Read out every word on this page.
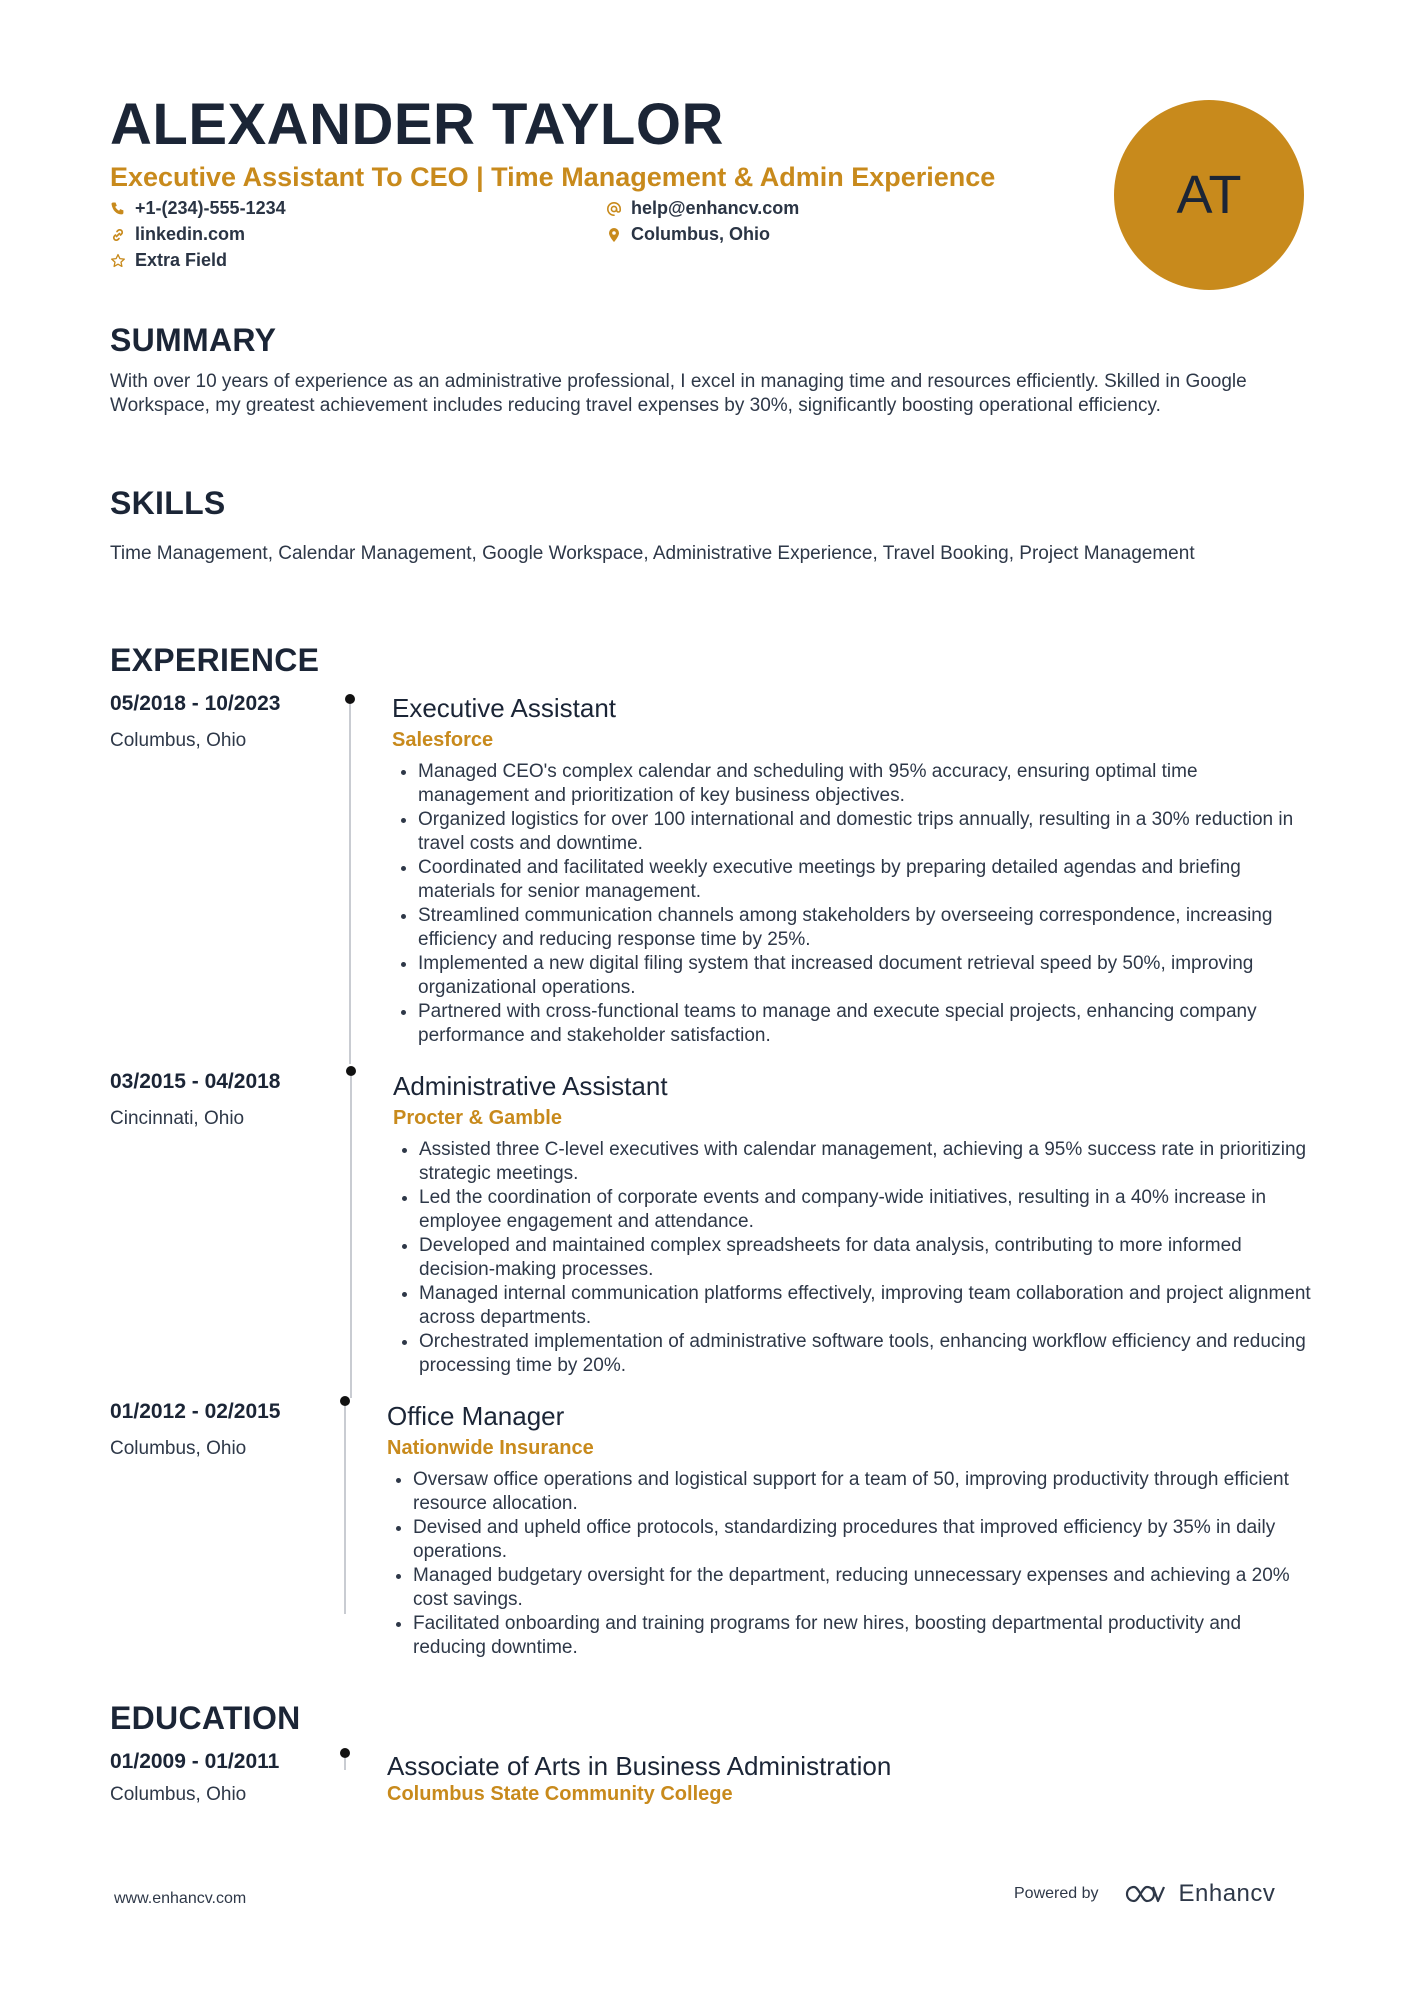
ALEXANDER TAYLOR
Executive Assistant To CEO | Time Management & Admin Experience
+1-(234)-555-1234
linkedin.com
Extra Field
help@enhancv.com
Columbus, Ohio
AT
SUMMARY
With over 10 years of experience as an administrative professional, I excel in managing time and resources efficiently. Skilled in Google Workspace, my greatest achievement includes reducing travel expenses by 30%, significantly boosting operational efficiency.
SKILLS
Time Management, Calendar Management, Google Workspace, Administrative Experience, Travel Booking, Project Management
EXPERIENCE
05/2018 - 10/2023
Columbus, Ohio
Executive Assistant
Salesforce
Managed CEO's complex calendar and scheduling with 95% accuracy, ensuring optimal time management and prioritization of key business objectives.
Organized logistics for over 100 international and domestic trips annually, resulting in a 30% reduction in travel costs and downtime.
Coordinated and facilitated weekly executive meetings by preparing detailed agendas and briefing materials for senior management.
Streamlined communication channels among stakeholders by overseeing correspondence, increasing efficiency and reducing response time by 25%.
Implemented a new digital filing system that increased document retrieval speed by 50%, improving organizational operations.
Partnered with cross-functional teams to manage and execute special projects, enhancing company performance and stakeholder satisfaction.
03/2015 - 04/2018
Cincinnati, Ohio
Administrative Assistant
Procter & Gamble
Assisted three C-level executives with calendar management, achieving a 95% success rate in prioritizing strategic meetings.
Led the coordination of corporate events and company-wide initiatives, resulting in a 40% increase in employee engagement and attendance.
Developed and maintained complex spreadsheets for data analysis, contributing to more informed decision-making processes.
Managed internal communication platforms effectively, improving team collaboration and project alignment across departments.
Orchestrated implementation of administrative software tools, enhancing workflow efficiency and reducing processing time by 20%.
01/2012 - 02/2015
Columbus, Ohio
Office Manager
Nationwide Insurance
Oversaw office operations and logistical support for a team of 50, improving productivity through efficient resource allocation.
Devised and upheld office protocols, standardizing procedures that improved efficiency by 35% in daily operations.
Managed budgetary oversight for the department, reducing unnecessary expenses and achieving a 20% cost savings.
Facilitated onboarding and training programs for new hires, boosting departmental productivity and reducing downtime.
EDUCATION
01/2009 - 01/2011
Columbus, Ohio
Associate of Arts in Business Administration
Columbus State Community College
www.enhancv.com	Powered by	Enhancv
